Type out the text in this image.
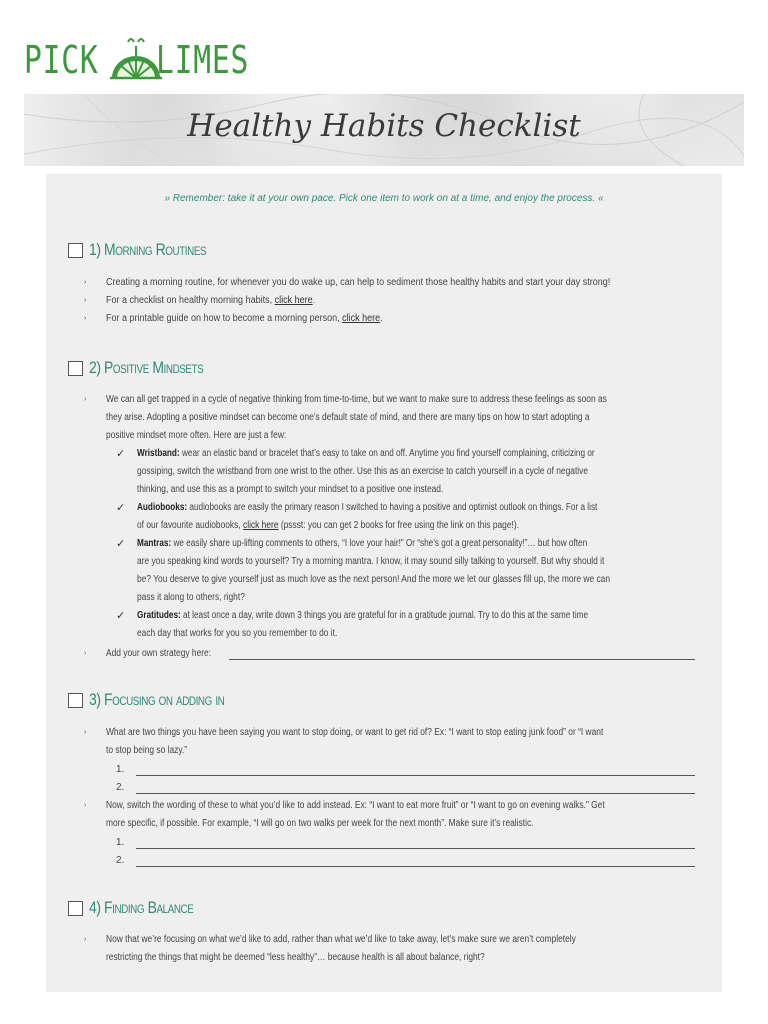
PICK LIMES
Healthy Habits Checklist
» Remember: take it at your own pace. Pick one item to work on at a time, and enjoy the process. «
1) Morning Routines
› Creating a morning routine, for whenever you do wake up, can help to sediment those healthy habits and start your day strong!
› For a checklist on healthy morning habits, click here.
› For a printable guide on how to become a morning person, click here.
2) Positive Mindsets
› We can all get trapped in a cycle of negative thinking from time-to-time, but we want to make sure to address these feelings as soon as
they arise. Adopting a positive mindset can become one’s default state of mind, and there are many tips on how to start adopting a
positive mindset more often. Here are just a few:
✓ Wristband: wear an elastic band or bracelet that’s easy to take on and off. Anytime you find yourself complaining, criticizing or
gossiping, switch the wristband from one wrist to the other. Use this as an exercise to catch yourself in a cycle of negative
thinking, and use this as a prompt to switch your mindset to a positive one instead.
✓ Audiobooks: audiobooks are easily the primary reason I switched to having a positive and optimist outlook on things. For a list
of our favourite audiobooks, click here (pssst: you can get 2 books for free using the link on this page!).
✓ Mantras: we easily share up-lifting comments to others, “I love your hair!” Or “she’s got a great personality!”… but how often
are you speaking kind words to yourself? Try a morning mantra. I know, it may sound silly talking to yourself. But why should it
be? You deserve to give yourself just as much love as the next person! And the more we let our glasses fill up, the more we can
pass it along to others, right?
✓ Gratitudes: at least once a day, write down 3 things you are grateful for in a gratitude journal. Try to do this at the same time
each day that works for you so you remember to do it.
› Add your own strategy here:
3) Focusing on adding in
› What are two things you have been saying you want to stop doing, or want to get rid of? Ex: “I want to stop eating junk food” or “I want
to stop being so lazy.”
1.
2.
› Now, switch the wording of these to what you’d like to add instead. Ex: “I want to eat more fruit” or “I want to go on evening walks.” Get
more specific, if possible. For example, “I will go on two walks per week for the next month”. Make sure it’s realistic.
1.
2.
4) Finding Balance
› Now that we’re focusing on what we’d like to add, rather than what we’d like to take away, let’s make sure we aren’t completely
restricting the things that might be deemed “less healthy”… because health is all about balance, right?
